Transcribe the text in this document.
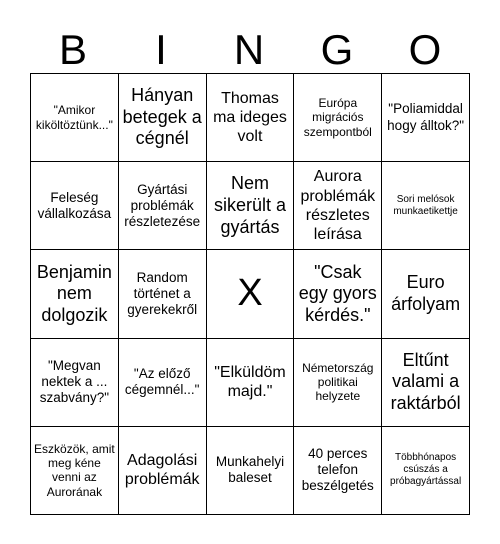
B	I	N	G	O
"Amikor kiköltöztünk..."
Hányan betegek a cégnél
Thomas ma ideges volt
Európa migrációs szempontból
"Poliamiddal hogy álltok?"
Feleség vállalkozása
Gyártási problémák részletezése
Nem sikerült a gyártás
Aurora problémák részletes leírása
Sori melósok munkaetikettje
Benjamin nem dolgozik
Random történet a gyerekekről	X
"Csak egy gyors kérdés."
Euro árfolyam
"Megvan nektek a ... szabvány?"
"Az előző cégemnél..."
"Elküldöm majd."
Németország politikai helyzete
Eltűnt valami a raktárból
Eszközök, amit meg kéne venni az Aurorának
Adagolási problémák
Munkahelyi baleset
40 perces telefon beszélgetés
Többhónapos csúszás a próbagyártással
